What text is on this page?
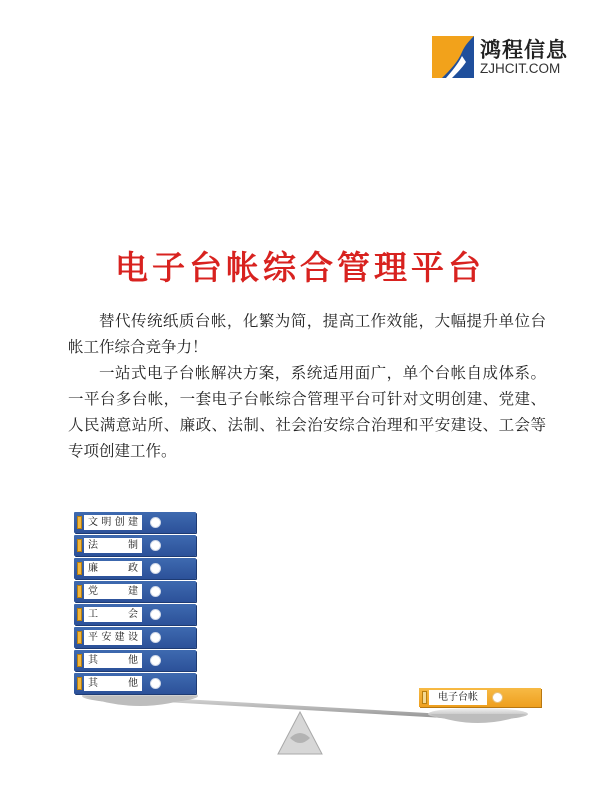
鸿程信息
ZJHCIT.COM
电子台帐综合管理平台

替代传统纸质台帐，化繁为简，提高工作效能，大幅提升单位台帐工作综合竞争力！

一站式电子台帐解决方案，系统适用面广，单个台帐自成体系。一平台多台帐，一套电子台帐综合管理平台可针对文明创建、党建、人民满意站所、廉政、法制、社会治安综合治理和平安建设、工会等专项创建工作。

文明创建
法制
廉政
党建
工会
平安建设
其他
其他
电子台帐
